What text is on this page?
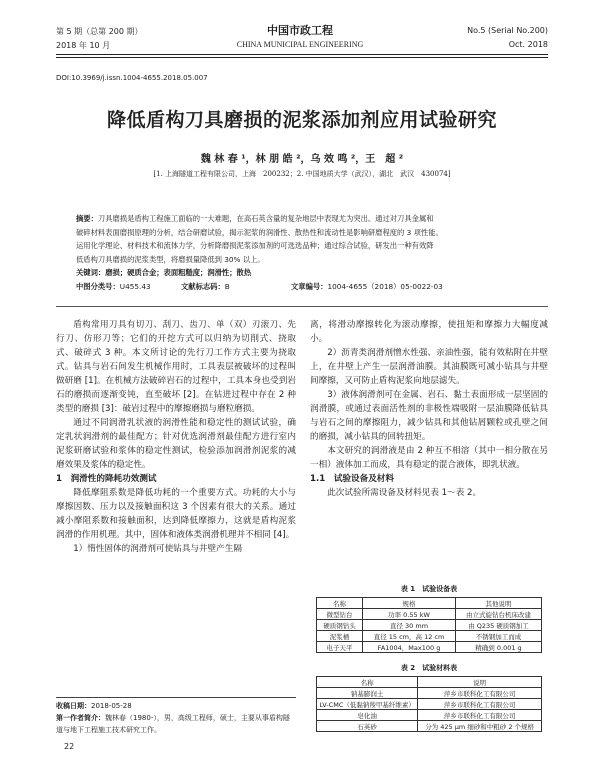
第 5 期（总第 200 期）
2018 年 10 月
中国市政工程
CHINA MUNICIPAL ENGINEERING
No.5 (Serial No.200)
Oct. 2018
DOI:10.3969/j.issn.1004-4655.2018.05.007
降低盾构刀具磨损的泥浆添加剂应用试验研究
魏 林 春 ¹，林 朋 皓 ²，乌 效 鸣 ²，王　超 ²
[1. 上海隧道工程有限公司，上海　200232；2. 中国地质大学（武汉），湖北　武汉　430074]
摘要：刀具磨损是盾构工程施工面临的一大难题，在高石英含量的复杂地层中表现尤为突出。通过对刀具金属和
破碎材料表面磨损原理的分析，结合研磨试验，揭示泥浆的润滑性、散热性和流动性是影响研磨程度的 3 项性能。
运用化学理论、材料技术和流体力学，分析降磨损泥浆添加剂的可选选品种；通过综合试验，研发出一种有效降
低盾构刀具磨损的泥浆类型，将磨损量降低到 30% 以上。
关键词：磨损；硬质合金；表面粗糙度；润滑性；散热
中图分类号：U455.43	文献标志码：B	文章编号：1004-4655（2018）05-0022-03

盾构常用刀具有切刀、刮刀、齿刀、单（双）刃滚刀、先行刀、仿形刀等；它们的开挖方式可以归纳为切削式、挠取式、破碎式 3 种。本文所讨论的先行刀工作方式主要为挠取式。钻具与岩石间发生机械作用时，工具表层被破坏的过程叫做研磨 [1]。在机械方法破碎岩石的过程中，工具本身也受到岩石的磨损而逐渐变钝，直至破坏 [2]。在钻进过程中存在 2 种类型的磨损 [3]：破岩过程中的摩擦磨损与磨粒磨损。

通过不同润滑乳状液的润滑性能和稳定性的测试试验，确定乳状润滑剂的最佳配方；针对优选润滑剂最佳配方进行室内泥浆研磨试验和浆体的稳定性测试，检验添加润滑剂泥浆的减磨效果及浆体的稳定性。

1　润滑性的降耗功效测试

降低摩阻系数是降低功耗的一个重要方式。功耗的大小与摩擦因数、压力以及接触面积这 3 个因素有很大的关系。通过减小摩阻系数和接触面积，达到降低摩擦力，这就是盾构泥浆润滑的作用机理。其中，固体和液体类润滑机理并不相同 [4]。

1）惰性固体的润滑剂可使钻具与井壁产生隔

收稿日期：2018-05-28
第一作者简介：魏林春（1980-），男，高级工程师，硕士，主要从事盾构隧道与地下工程施工技术研究工作。
离，将滑动摩擦转化为滚动摩擦，使扭矩和摩擦力大幅度减小。

2）沥青类润滑剂憎水性强、亲油性强，能有效粘附在井壁上，在井壁上产生一层润滑油膜。其油膜既可减小钻具与井壁间摩擦，又可防止盾构泥浆向地层滤失。

3）液体润滑剂可在金属、岩石、黏土表面形成一层坚固的润滑膜，或通过表面活性剂的非极性端吸附一层油膜降低钻具与岩石之间的摩擦阻力，减少钻具和其他钻屑颗粒或孔壁之间的磨损，减小钻具的回转扭矩。

本文研究的润滑液是由 2 种互不相溶（其中一相分散在另一相）液体加工而成，具有稳定的混合液体，即乳状液。

1.1　试验设备及材料

此次试验所需设备及材料见表 1～表 2。

表 1　试验设备表
名称	规格	其他说明
微型钻台	功率 0.55 kW	由立式旋钻台机床改建
硬质钢钻头	直径 30 mm	由 Q235 硬质钢加工
泥浆桶	直径 15 cm，高 12 cm	不锈钢加工而成
电子天平	FA1004，Max100 g	精确到 0.001 g
表 2　试验材料表
名称	说明
钠基膨润土	萍乡市联科化工有限公司
LV-CMC（低黏钠羧甲基纤维素）	萍乡市联科化工有限公司
皂化油	萍乡市联科化工有限公司
石英砂	分为 425 μm 细砂和中粗砂 2 个规格
22
